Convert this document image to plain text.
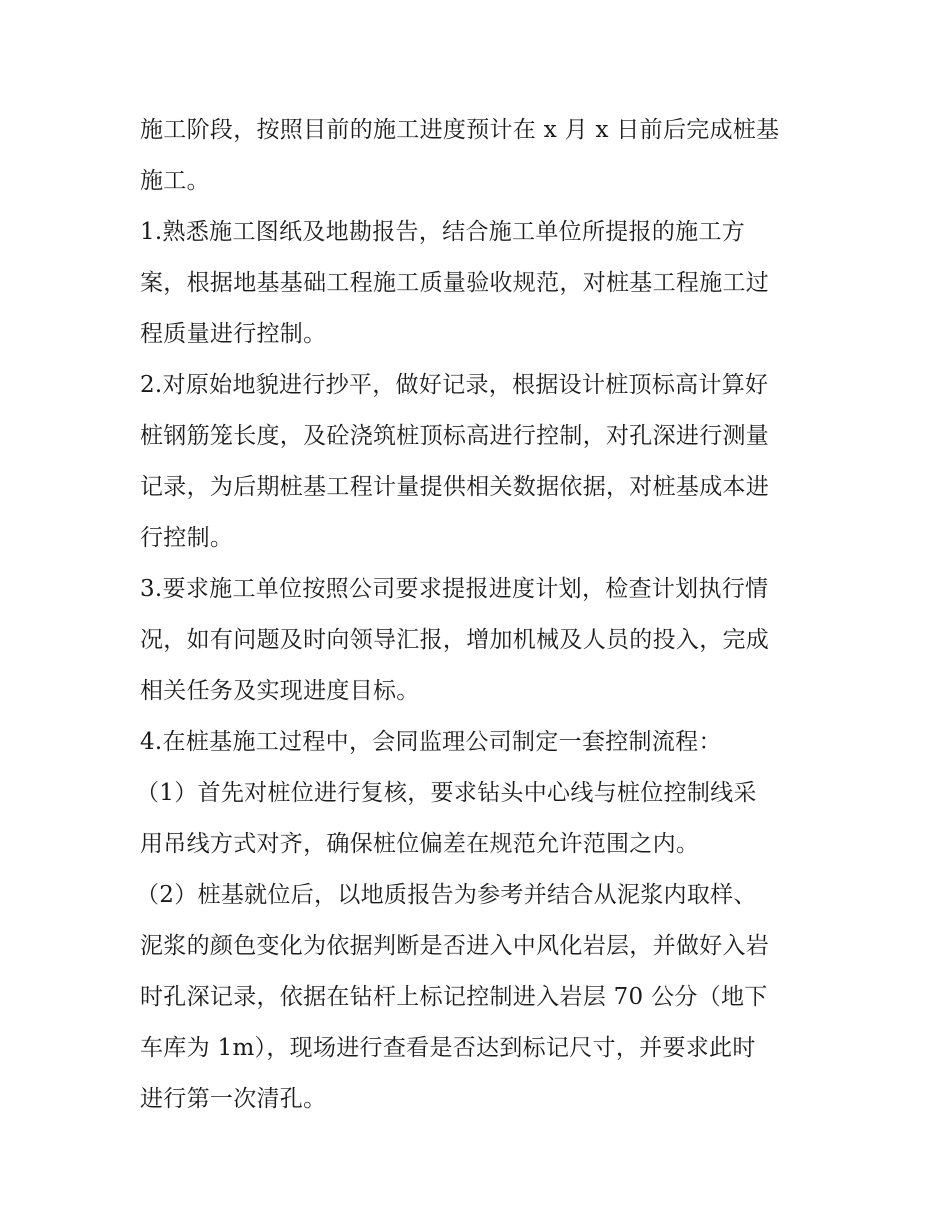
施工阶段，按照目前的施工进度预计在 x 月 x 日前后完成桩基
施工。
1.熟悉施工图纸及地勘报告，结合施工单位所提报的施工方
案，根据地基基础工程施工质量验收规范，对桩基工程施工过
程质量进行控制。
2.对原始地貌进行抄平，做好记录，根据设计桩顶标高计算好
桩钢筋笼长度，及砼浇筑桩顶标高进行控制，对孔深进行测量
记录，为后期桩基工程计量提供相关数据依据，对桩基成本进
行控制。
3.要求施工单位按照公司要求提报进度计划，检查计划执行情
况，如有问题及时向领导汇报，增加机械及人员的投入，完成
相关任务及实现进度目标。
4.在桩基施工过程中，会同监理公司制定一套控制流程：
（1）首先对桩位进行复核，要求钻头中心线与桩位控制线采
用吊线方式对齐，确保桩位偏差在规范允许范围之内。
（2）桩基就位后，以地质报告为参考并结合从泥浆内取样、
泥浆的颜色变化为依据判断是否进入中风化岩层，并做好入岩
时孔深记录，依据在钻杆上标记控制进入岩层 70 公分（地下
车库为 1m），现场进行查看是否达到标记尺寸，并要求此时
进行第一次清孔。
